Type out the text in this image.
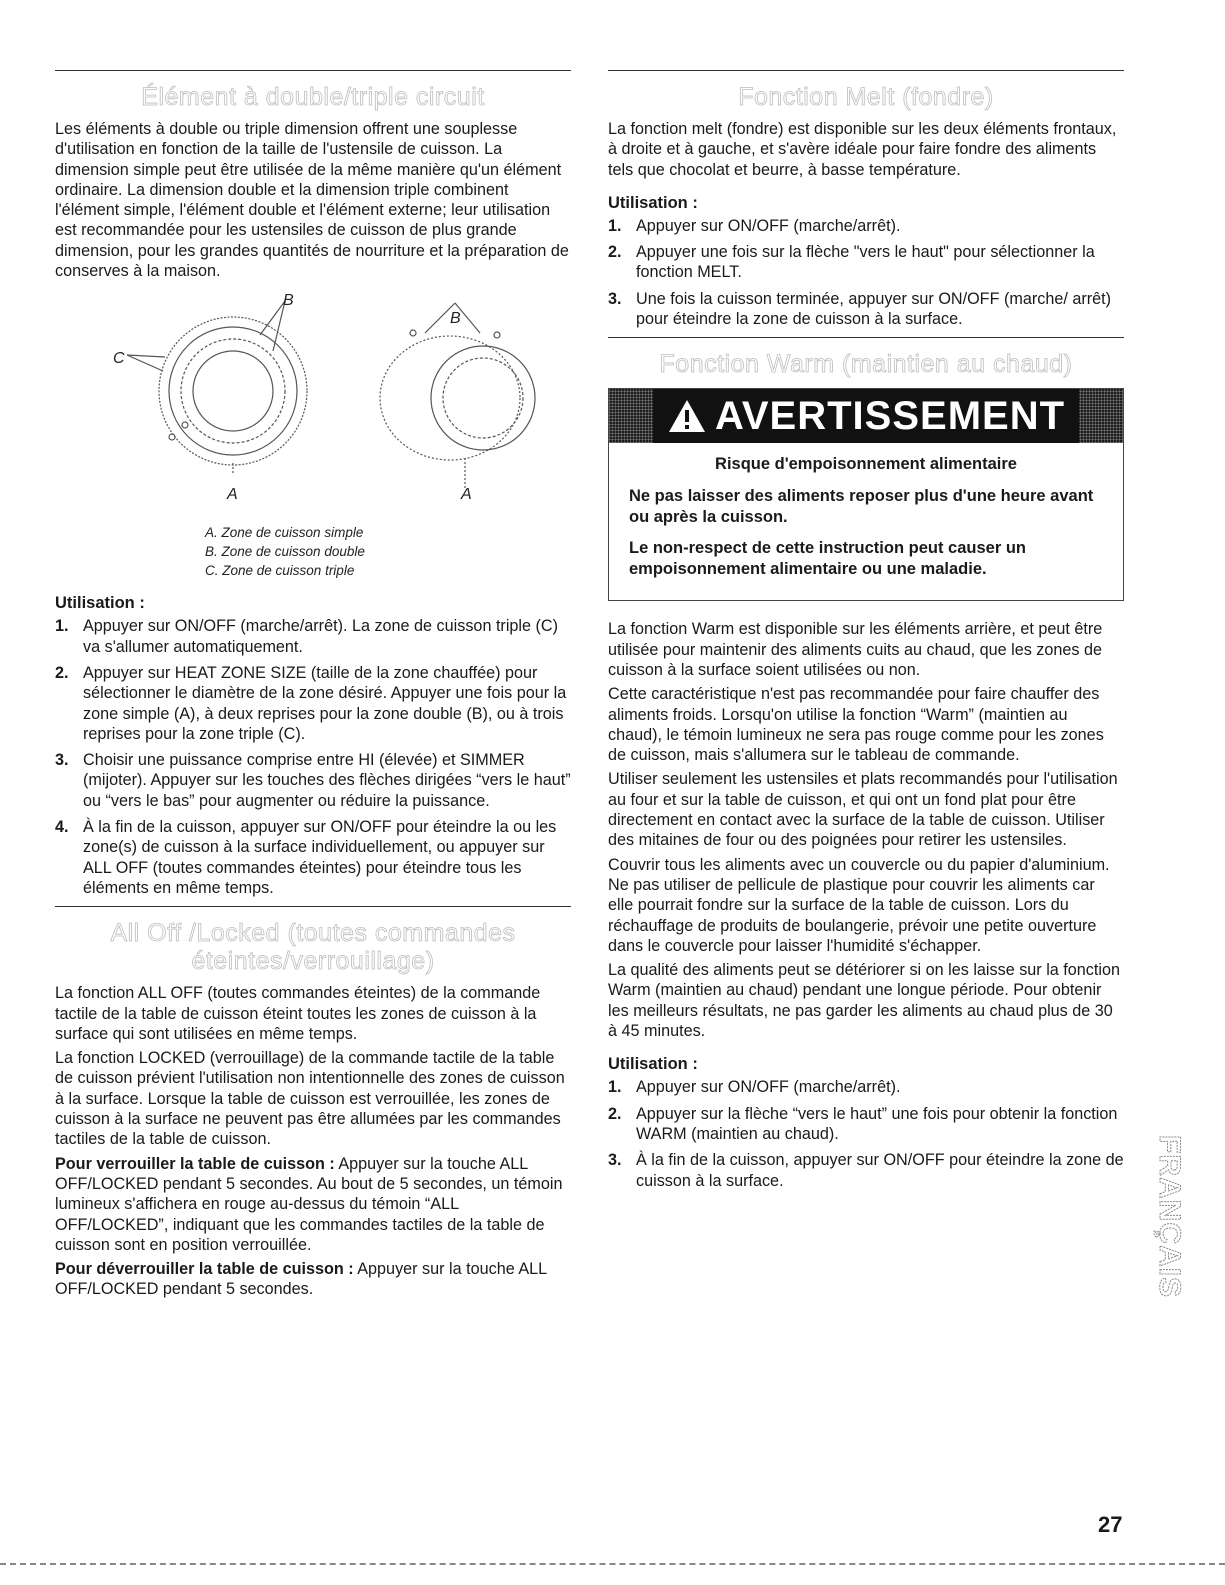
Élément à double/triple circuit

Les éléments à double ou triple dimension offrent une souplesse d'utilisation en fonction de la taille de l'ustensile de cuisson. La dimension simple peut être utilisée de la même manière qu'un élément ordinaire. La dimension double et la dimension triple combinent l'élément simple, l'élément double et l'élément externe; leur utilisation est recommandée pour les ustensiles de cuisson de plus grande dimension, pour les grandes quantités de nourriture et la préparation de conserves à la maison.

B
B
C
A	A
A. Zone de cuisson simple
B. Zone de cuisson double
C. Zone de cuisson triple
Utilisation :
1. Appuyer sur ON/OFF (marche/arrêt). La zone de cuisson triple (C) va s'allumer automatiquement.
2. Appuyer sur HEAT ZONE SIZE (taille de la zone chauffée) pour sélectionner le diamètre de la zone désiré. Appuyer une fois pour la zone simple (A), à deux reprises pour la zone double (B), ou à trois reprises pour la zone triple (C).
3. Choisir une puissance comprise entre HI (élevée) et SIMMER (mijoter). Appuyer sur les touches des flèches dirigées “vers le haut” ou “vers le bas” pour augmenter ou réduire la puissance.
4. À la fin de la cuisson, appuyer sur ON/OFF pour éteindre la ou les zone(s) de cuisson à la surface individuellement, ou appuyer sur ALL OFF (toutes commandes éteintes) pour éteindre tous les éléments en même temps.
All Off /Locked (toutes commandes
éteintes/verrouillage)

La fonction ALL OFF (toutes commandes éteintes) de la commande tactile de la table de cuisson éteint toutes les zones de cuisson à la surface qui sont utilisées en même temps.

La fonction LOCKED (verrouillage) de la commande tactile de la table de cuisson prévient l'utilisation non intentionnelle des zones de cuisson à la surface. Lorsque la table de cuisson est verrouillée, les zones de cuisson à la surface ne peuvent pas être allumées par les commandes tactiles de la table de cuisson.

Pour verrouiller la table de cuisson : Appuyer sur la touche ALL OFF/LOCKED pendant 5 secondes. Au bout de 5 secondes, un témoin lumineux s'affichera en rouge au-dessus du témoin “ALL OFF/LOCKED”, indiquant que les commandes tactiles de la table de cuisson sont en position verrouillée.

Pour déverrouiller la table de cuisson : Appuyer sur la touche ALL OFF/LOCKED pendant 5 secondes.

Fonction Melt (fondre)

La fonction melt (fondre) est disponible sur les deux éléments frontaux, à droite et à gauche, et s'avère idéale pour faire fondre des aliments tels que chocolat et beurre, à basse température.

Utilisation :
1. Appuyer sur ON/OFF (marche/arrêt).
2. Appuyer une fois sur la flèche "vers le haut" pour sélectionner la fonction MELT.
3. Une fois la cuisson terminée, appuyer sur ON/OFF (marche/ arrêt) pour éteindre la zone de cuisson à la surface.
Fonction Warm (maintien au chaud)
AVERTISSEMENT
Risque d'empoisonnement alimentaire

Ne pas laisser des aliments reposer plus d'une heure avant ou après la cuisson.

Le non-respect de cette instruction peut causer un empoisonnement alimentaire ou une maladie.

La fonction Warm est disponible sur les éléments arrière, et peut être utilisée pour maintenir des aliments cuits au chaud, que les zones de cuisson à la surface soient utilisées ou non.

Cette caractéristique n'est pas recommandée pour faire chauffer des aliments froids. Lorsqu'on utilise la fonction “Warm” (maintien au chaud), le témoin lumineux ne sera pas rouge comme pour les zones de cuisson, mais s'allumera sur le tableau de commande.

Utiliser seulement les ustensiles et plats recommandés pour l'utilisation au four et sur la table de cuisson, et qui ont un fond plat pour être directement en contact avec la surface de la table de cuisson. Utiliser des mitaines de four ou des poignées pour retirer les ustensiles.

Couvrir tous les aliments avec un couvercle ou du papier d'aluminium. Ne pas utiliser de pellicule de plastique pour couvrir les aliments car elle pourrait fondre sur la surface de la table de cuisson. Lors du réchauffage de produits de boulangerie, prévoir une petite ouverture dans le couvercle pour laisser l'humidité s'échapper.

La qualité des aliments peut se détériorer si on les laisse sur la fonction Warm (maintien au chaud) pendant une longue période. Pour obtenir les meilleurs résultats, ne pas garder les aliments au chaud plus de 30 à 45 minutes.

Utilisation :
1. Appuyer sur ON/OFF (marche/arrêt).
2. Appuyer sur la flèche “vers le haut” une fois pour obtenir la fonction WARM (maintien au chaud).
3. À la fin de la cuisson, appuyer sur ON/OFF pour éteindre la zone de cuisson à la surface.	FRANÇAIS
27
